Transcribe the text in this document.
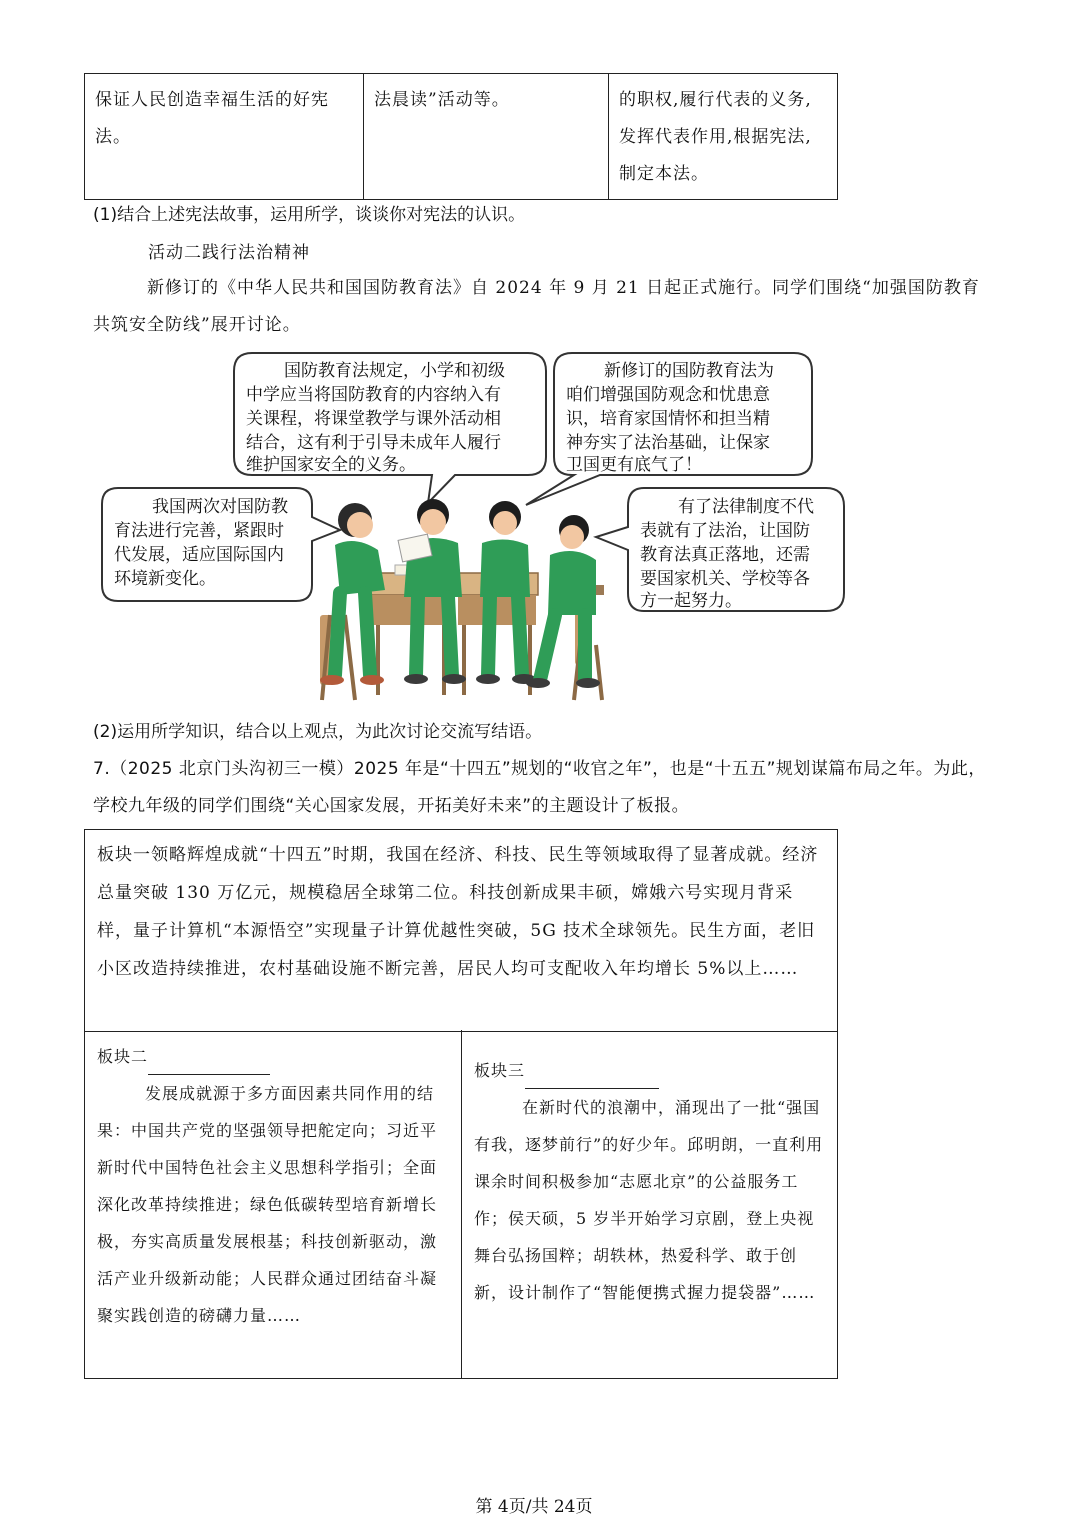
保证人民创造幸福生活的好宪法。
法晨读”活动等。	的职权,履行代表的义务,发挥代表作用,根据宪法,制定本法。
(1)结合上述宪法故事，运用所学，谈谈你对宪法的认识。
活动二践行法治精神
新修订的《中华人民共和国国防教育法》自 2024 年 9 月 21 日起正式施行。同学们围绕“加强国防教育共筑安全防线”展开讨论。
国防教育法规定，小学和初级
中学应当将国防教育的内容纳入有
关课程，将课堂教学与课外活动相
结合，这有利于引导未成年人履行
维护国家安全的义务。
新修订的国防教育法为
咱们增强国防观念和忧患意
识，培育家国情怀和担当精
神夯实了法治基础，让保家
卫国更有底气了！
我国两次对国防教
育法进行完善，紧跟时
代发展，适应国际国内
环境新变化。
有了法律制度不代
表就有了法治，让国防
教育法真正落地，还需
要国家机关、学校等各
方一起努力。
(2)运用所学知识，结合以上观点，为此次讨论交流写结语。
7.（2025 北京门头沟初三一模）2025 年是“十四五”规划的“收官之年”，也是“十五五”规划谋篇布局之年。为此，学校九年级的同学们围绕“关心国家发展，开拓美好未来”的主题设计了板报。
板块一领略辉煌成就“十四五”时期，我国在经济、科技、民生等领域取得了显著成就。经济总量突破 130 万亿元，规模稳居全球第二位。科技创新成果丰硕，嫦娥六号实现月背采样，量子计算机“本源悟空”实现量子计算优越性突破，5G 技术全球领先。民生方面，老旧小区改造持续推进，农村基础设施不断完善，居民人均可支配收入年均增长 5%以上……
板块二
发展成就源于多方面因素共同作用的结果：中国共产党的坚强领导把舵定向；习近平新时代中国特色社会主义思想科学指引；全面深化改革持续推进；绿色低碳转型培育新增长极，夯实高质量发展根基；科技创新驱动，激活产业升级新动能；人民群众通过团结奋斗凝聚实践创造的磅礴力量……
板块三
在新时代的浪潮中，涌现出了一批“强国有我，逐梦前行”的好少年。邱明朗，一直利用课余时间积极参加“志愿北京”的公益服务工作；侯天硕，5 岁半开始学习京剧，登上央视舞台弘扬国粹；胡轶林，热爱科学、敢于创新，设计制作了“智能便携式握力提袋器”……
第 4页/共 24页
